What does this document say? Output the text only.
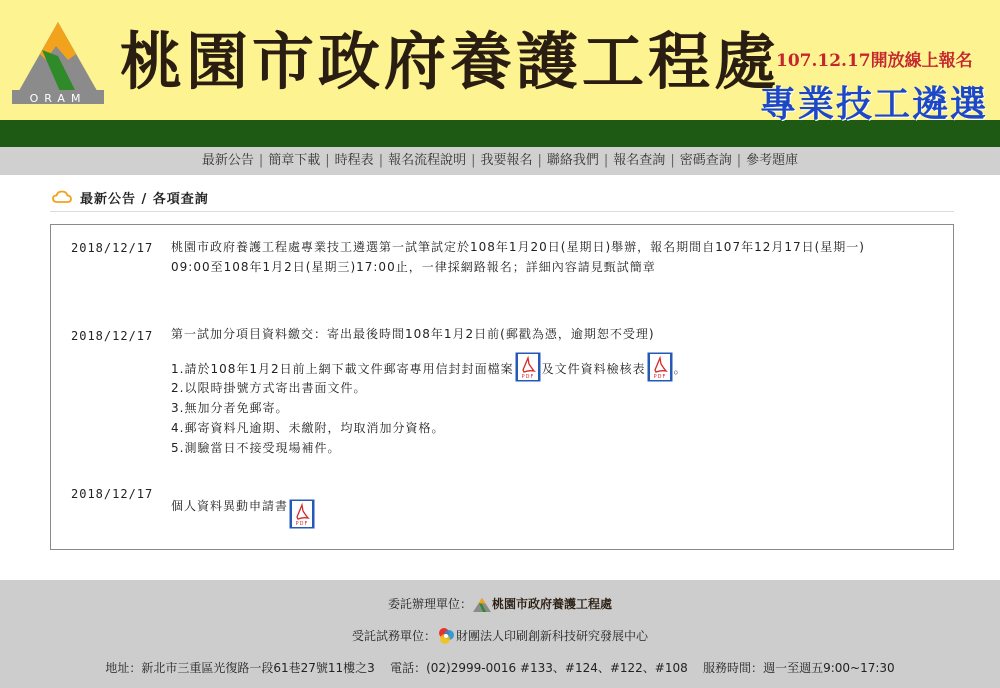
ORAM
桃園市政府養護工程處
107.12.17開放線上報名
專業技工遴選
最新公告 | 簡章下載 | 時程表 | 報名流程說明 | 我要報名 | 聯絡我們 | 報名查詢 | 密碼查詢 | 參考題庫
最新公告 / 各項查詢
2018/12/17 桃園市政府養護工程處專業技工遴選第一試筆試定於108年1月20日(星期日)舉辦，報名期間自107年12月17日(星期一)
09:00至108年1月2日(星期三)17:00止，一律採網路報名；詳細內容請見甄試簡章
2018/12/17 第一試加分項目資料繳交：寄出最後時間108年1月2日前(郵戳為憑，逾期恕不受理)
1.請於108年1月2日前上網下載文件郵寄專用信封封面檔案
PDF
及文件資料檢核表
PDF
。
2.以限時掛號方式寄出書面文件。
3.無加分者免郵寄。
4.郵寄資料凡逾期、未繳附，均取消加分資格。
5.測驗當日不接受現場補件。
2018/12/17
個人資料異動申請書
PDF
委託辦理單位： 桃園市政府養護工程處
受託試務單位： 財團法人印刷創新科技研究發展中心
地址：新北市三重區光復路一段61巷27號11樓之3 電話：(02)2999-0016 #133、#124、#122、#108 服務時間：週一至週五9:00~17:30
